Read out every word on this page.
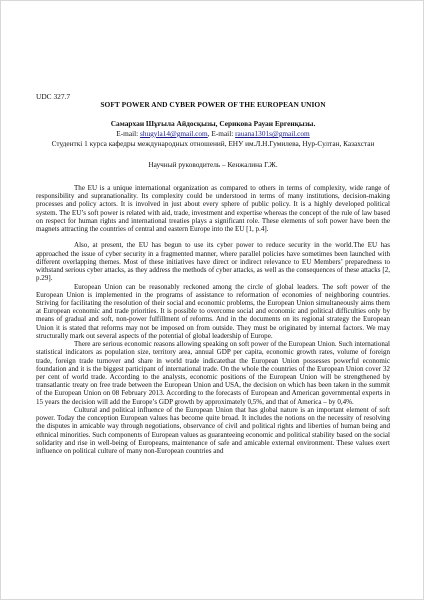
UDC 327.7
SOFT POWER AND CYBER POWER OF THE EUROPEAN UNION
Самархан Шұғыла Айдосқызы, Серикова Рауан Ергенқызы.
E-mail: shugyla14@gmail.com, E-mail: rauana1301s@gmail.com
Студенткi 1 курса кафедры международных отношений, ЕНУ им.Л.Н.Гумилева, Нур-Султан, Казахстан
Научный руководитель – Кенжалина Г.Ж.

The EU is a unique international organization as compared to others in terms of complexity, wide range of responsibility and supranationality. Its complexity could be understood in terms of many institutions, decision-making processes and policy actors. It is involved in just about every sphere of public policy. It is a highly developed political system. The EU’s soft power is related with aid, trade, investment and expertise whereas the concept of the rule of law based on respect for human rights and international treaties plays a significant role. These elements of soft power have been the magnets attracting the countries of central and eastern Europe into the EU [1, p.4].

Also, at present, the EU has begun to use its cyber power to reduce security in the world.The EU has approached the issue of cyber security in a fragmented manner, where parallel policies have sometimes been launched with different overlapping themes. Most of these initiatives have direct or indirect relevance to EU Members’ preparedness to withstand serious cyber attacks, as they address the methods of cyber attacks, as well as the consequences of these attacks [2, p.29].

European Union can be reasonably reckoned among the circle of global leaders. The soft power of the European Union is implemented in the programs of assistance to reformation of economies of neighboring countries. Striving for facilitating the resolution of their social and economic problems, the European Union simultaneously aims them at European economic and trade priorities. It is possible to overcome social and economic and political difficulties only by means of gradual and soft, non-power fulfillment of reforms. And in the documents on its regional strategy the European Union it is stated that reforms may not be imposed on from outside. They must be originated by internal factors. We may structurally mark out several aspects of the potential of global leadership of Europe.

There are serious economic reasons allowing speaking on soft power of the European Union. Such international statistical indicators as population size, territory area, annual GDP per capita, economic growth rates, volume of foreign trade, foreign trade turnover and share in world trade indicatethat the European Union possesses powerful economic foundation and it is the biggest participant of international trade. On the whole the countries of the European Union cover 32 per cent of world trade. According to the analysts, economic positions of the European Union will be strengthened by transatlantic treaty on free trade between the European Union and USA, the decision on which has been taken in the summit of the European Union on 08 February 2013. According to the forecasts of European and American governmental experts in 15 years the decision will add the Europe’s GDP growth by approximately 0,5%, and that of America – by 0,4%.

Cultural and political influence of the European Union that has global nature is an important element of soft power. Today the conception European values has become quite broad. It includes the notions on the necessity of resolving the disputes in amicable way through negotiations, observance of civil and political rights and liberties of human being and ethnical minorities. Such components of European values as guaranteeing economic and political stability based on the social solidarity and rise in well-being of Europeans, maintenance of safe and amicable external environment. These values exert influence on political culture of many non-European countries and
